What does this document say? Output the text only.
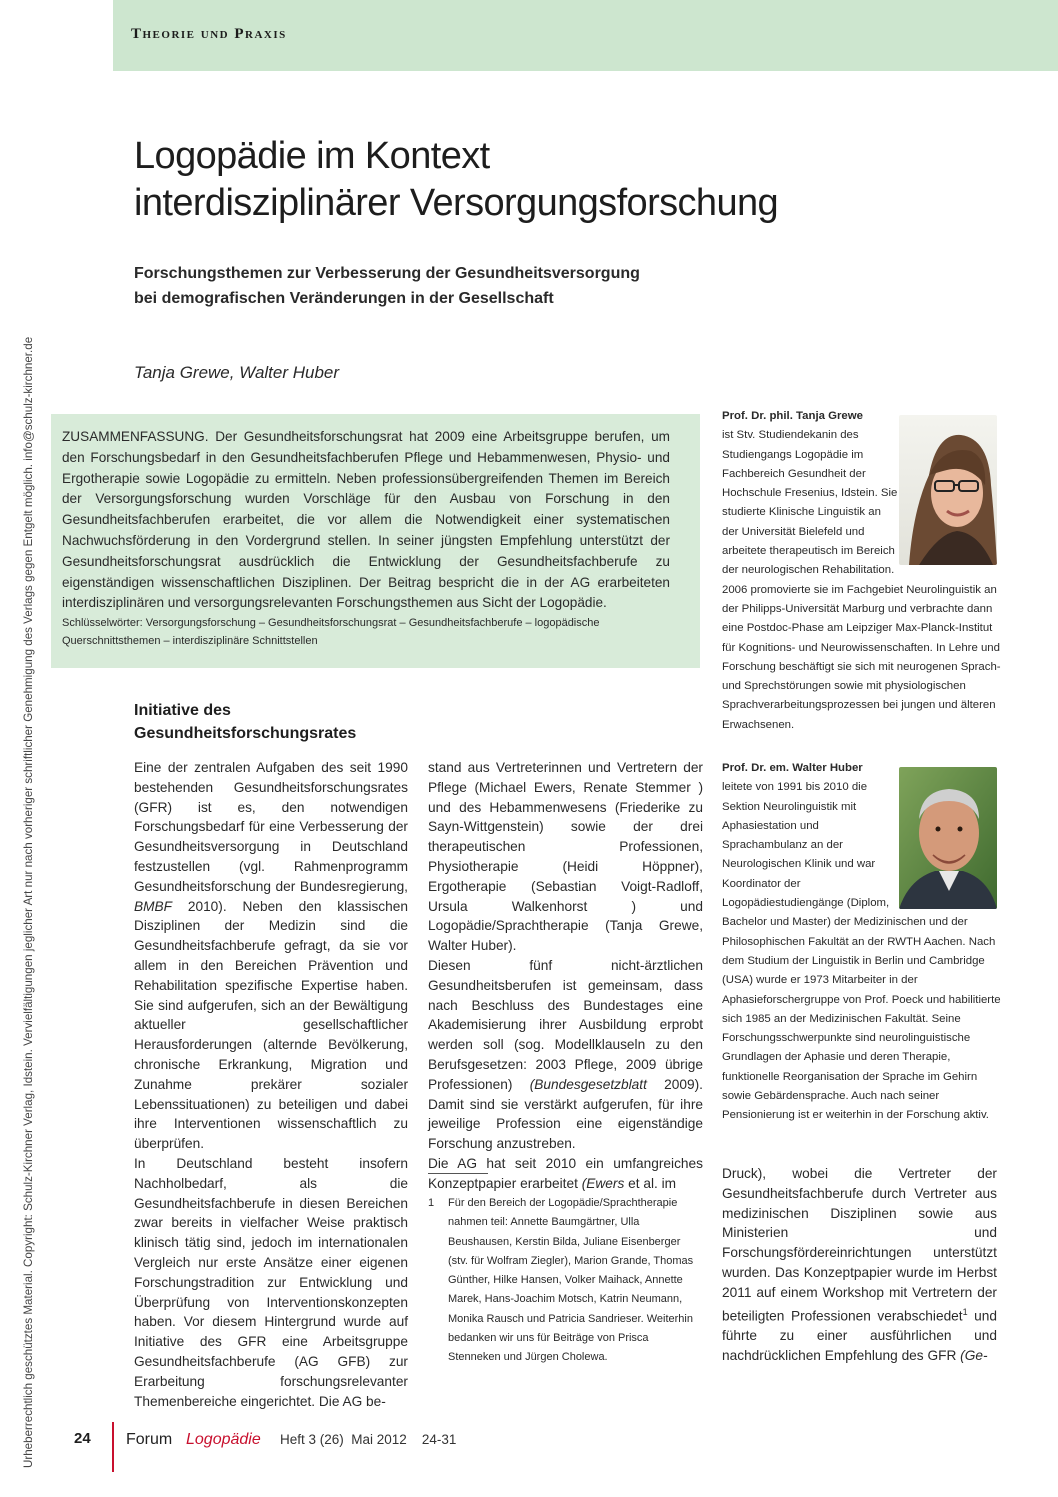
Theorie und Praxis
Urheberrechtlich geschütztes Material. Copyright: Schulz-Kirchner Verlag, Idstein. Vervielfältigungen jeglicher Art nur nach vorheriger schriftlicher Genehmigung des Verlags gegen Entgelt möglich. info@schulz-kirchner.de
Logopädie im Kontext
interdisziplinärer Versorgungsforschung
Forschungsthemen zur Verbesserung der Gesundheitsversorgung
bei demografischen Veränderungen in der Gesellschaft
Tanja Grewe, Walter Huber
ZUSAMMENFASSUNG. Der Gesundheitsforschungsrat hat 2009 eine Arbeitsgruppe berufen, um den Forschungsbedarf in den Gesundheitsfachberufen Pflege und Hebammenwesen, Physio- und Ergotherapie sowie Logopädie zu ermitteln. Neben professionsübergreifenden Themen im Bereich der Versorgungsforschung wurden Vorschläge für den Ausbau von Forschung in den Gesundheitsfachberufen erarbeitet, die vor allem die Notwendigkeit einer systematischen Nachwuchsförderung in den Vordergrund stellen. In seiner jüngsten Empfehlung unterstützt der Gesundheitsforschungsrat ausdrücklich die Entwicklung der Gesundheitsfachberufe zu eigenständigen wissenschaftlichen Disziplinen. Der Beitrag bespricht die in der AG erarbeiteten interdisziplinären und versorgungsrelevanten Forschungsthemen aus Sicht der Logopädie.
Schlüsselwörter: Versorgungsforschung – Gesundheitsforschungsrat – Gesundheitsfachberufe – logopädische Querschnittsthemen – interdisziplinäre Schnittstellen
Initiative des
Gesundheitsforschungsrates

Eine der zentralen Aufgaben des seit 1990 bestehenden Gesundheitsforschungsrates (GFR) ist es, den notwendigen Forschungsbedarf für eine Verbesserung der Gesundheitsversorgung in Deutschland festzustellen (vgl. Rahmenprogramm Gesundheitsforschung der Bundesregierung, BMBF 2010). Neben den klassischen Disziplinen der Medizin sind die Gesundheitsfachberufe gefragt, da sie vor allem in den Bereichen Prävention und Rehabilitation spezifische Expertise haben. Sie sind aufgerufen, sich an der Bewältigung aktueller gesellschaftlicher Herausforderungen (alternde Bevölkerung, chronische Erkrankung, Migration und Zunahme prekärer sozialer Lebenssituationen) zu beteiligen und dabei ihre Interventionen wissenschaftlich zu überprüfen.

In Deutschland besteht insofern Nachholbedarf, als die Gesundheitsfachberufe in diesen Bereichen zwar bereits in vielfacher Weise praktisch klinisch tätig sind, jedoch im internationalen Vergleich nur erste Ansätze einer eigenen Forschungstradition zur Entwicklung und Überprüfung von Interventionskonzepten haben. Vor diesem Hintergrund wurde auf Initiative des GFR eine Arbeitsgruppe Gesundheitsfachberufe (AG GFB) zur Erarbeitung forschungsrelevanter Themenbereiche eingerichtet. Die AG be-

stand aus Vertreterinnen und Vertretern der Pflege (Michael Ewers, Renate Stemmer ) und des Hebammenwesens (Friederike zu Sayn-Wittgenstein) sowie der drei therapeutischen Professionen, Physiotherapie (Heidi Höppner), Ergotherapie (Sebastian Voigt-Radloff, Ursula Walkenhorst ) und Logopädie/Sprachtherapie (Tanja Grewe, Walter Huber).

Diesen fünf nicht-ärztlichen Gesundheitsberufen ist gemeinsam, dass nach Beschluss des Bundestages eine Akademisierung ihrer Ausbildung erprobt werden soll (sog. Modellklauseln zu den Berufsgesetzen: 2003 Pflege, 2009 übrige Professionen) (Bundesgesetzblatt 2009). Damit sind sie verstärkt aufgerufen, für ihre jeweilige Profession eine eigenständige Forschung anzustreben.

Die AG hat seit 2010 ein umfangreiches Konzeptpapier erarbeitet (Ewers et al. im

1 Für den Bereich der Logopädie/Sprachtherapie nahmen teil: Annette Baumgärtner, Ulla Beushausen, Kerstin Bilda, Juliane Eisenberger (stv. für Wolfram Ziegler), Marion Grande, Thomas Günther, Hilke Hansen, Volker Maihack, Annette Marek, Hans-Joachim Motsch, Katrin Neumann, Monika Rausch und Patricia Sandrieser. Weiterhin bedanken wir uns für Beiträge von Prisca Stenneken und Jürgen Cholewa.
Prof. Dr. phil. Tanja Grewe
ist Stv. Studiendekanin des Studiengangs Logopädie im Fachbereich Gesundheit der Hochschule Fresenius, Idstein. Sie studierte Klinische Linguistik an der Universität Bielefeld und arbeitete therapeutisch im Bereich der neurologischen Rehabilitation. 2006 promovierte sie im Fachgebiet Neurolinguistik an der Philipps-Universität Marburg und verbrachte dann eine Postdoc-Phase am Leipziger Max-Planck-Institut für Kognitions- und Neurowissenschaften. In Lehre und Forschung beschäftigt sie sich mit neurogenen Sprach- und Sprechstörungen sowie mit physiologischen Sprachverarbeitungsprozessen bei jungen und älteren Erwachsenen.
Prof. Dr. em. Walter Huber
leitete von 1991 bis 2010 die Sektion Neurolinguistik mit Aphasiestation und Sprachambulanz an der Neurologischen Klinik und war Koordinator der Logopädiestudiengänge (Diplom, Bachelor und Master) der Medizinischen und der Philosophischen Fakultät an der RWTH Aachen. Nach dem Studium der Linguistik in Berlin und Cambridge (USA) wurde er 1973 Mitarbeiter in der Aphasieforschergruppe von Prof. Poeck und habilitierte sich 1985 an der Medizinischen Fakultät. Seine Forschungsschwerpunkte sind neurolinguistische Grundlagen der Aphasie und deren Therapie, funktionelle Reorganisation der Sprache im Gehirn sowie Gebärdensprache. Auch nach seiner Pensionierung ist er weiterhin in der Forschung aktiv.

Druck), wobei die Vertreter der Gesundheitsfachberufe durch Vertreter aus medizinischen Disziplinen sowie aus Ministerien und Forschungsfördereinrichtungen unterstützt wurden. Das Konzeptpapier wurde im Herbst 2011 auf einem Workshop mit Vertretern der beteiligten Professionen verabschiedet$^1$ und führte zu einer ausführlichen und nachdrücklichen Empfehlung des GFR (Ge-

24 Forum Logopädie Heft 3 (26)  Mai 2012    24-31
